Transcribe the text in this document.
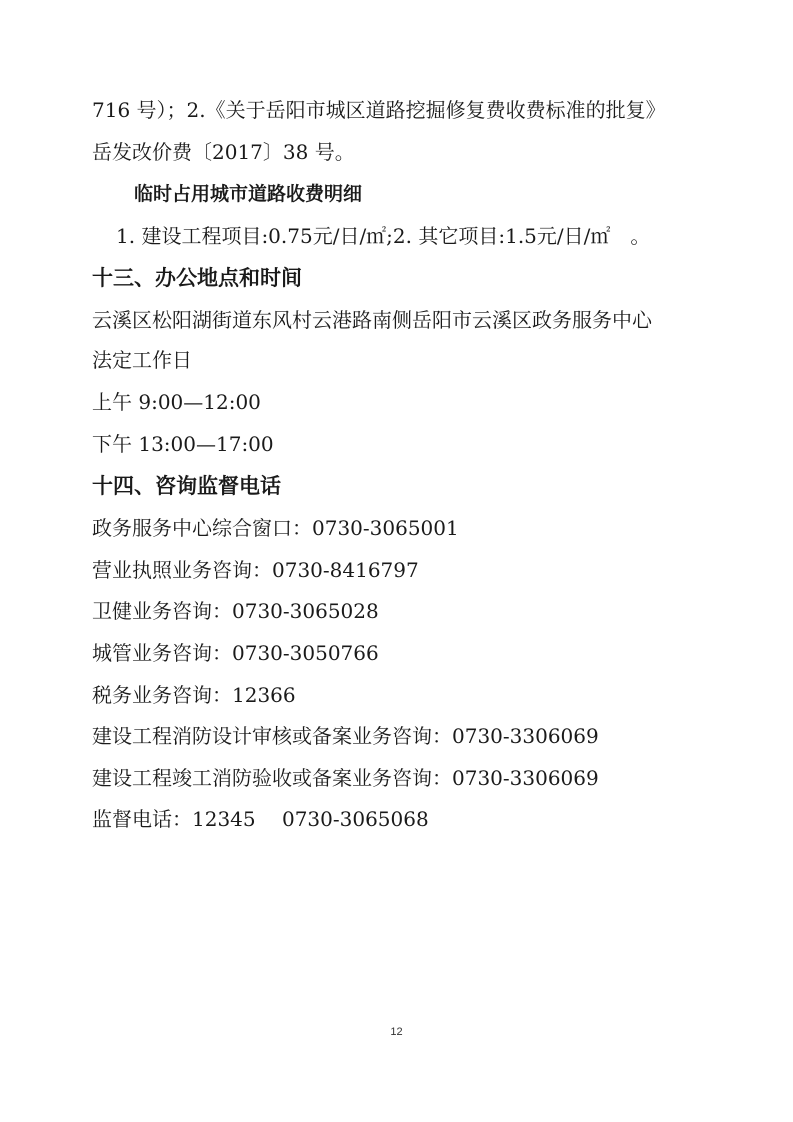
716 号）；2.《关于岳阳市城区道路挖掘修复费收费标准的批复》
岳发改价费〔2017〕38 号。
临时占用城市道路收费明细
1. 建设工程项目:0.75元/日/㎡;2. 其它项目:1.5元/日/㎡　。
十三、办公地点和时间
云溪区松阳湖街道东风村云港路南侧岳阳市云溪区政务服务中心
法定工作日
上午 9:00—12:00
下午 13:00—17:00
十四、咨询监督电话
政务服务中心综合窗口：0730-3065001
营业执照业务咨询：0730-8416797
卫健业务咨询：0730-3065028
城管业务咨询：0730-3050766
税务业务咨询：12366
建设工程消防设计审核或备案业务咨询：0730-3306069
建设工程竣工消防验收或备案业务咨询：0730-3306069
监督电话：12345　 0730-3065068
12
